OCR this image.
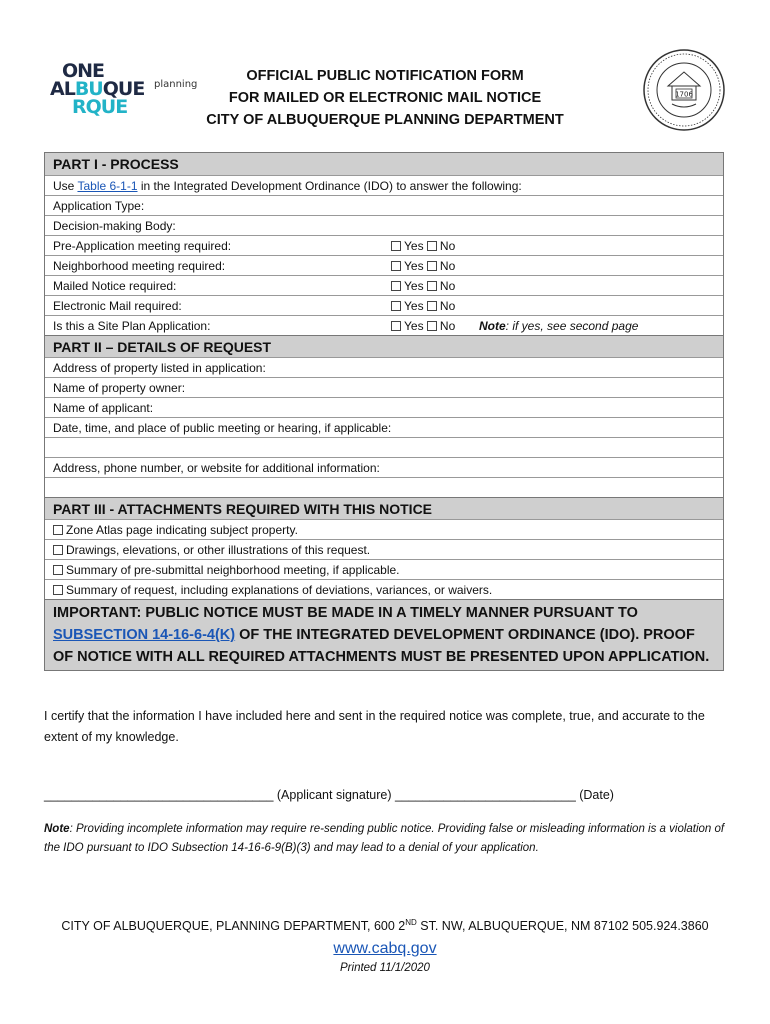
ONE
ALBUQUE
RQUE
planning
OFFICIAL PUBLIC NOTIFICATION FORM
FOR MAILED OR ELECTRONIC MAIL NOTICE
CITY OF ALBUQUERQUE PLANNING DEPARTMENT
1706
PART I - PROCESS
Use Table 6-1-1 in the Integrated Development Ordinance (IDO) to answer the following:
Application Type:
Decision-making Body:
Pre-Application meeting required:	Yes No
Neighborhood meeting required:	Yes No
Mailed Notice required:	Yes No
Electronic Mail required:	Yes No
Is this a Site Plan Application:	Yes No Note: if yes, see second page
PART II – DETAILS OF REQUEST
Address of property listed in application:
Name of property owner:
Name of applicant:
Date, time, and place of public meeting or hearing, if applicable:
Address, phone number, or website for additional information:
PART III - ATTACHMENTS REQUIRED WITH THIS NOTICE
Zone Atlas page indicating subject property.
Drawings, elevations, or other illustrations of this request.
Summary of pre-submittal neighborhood meeting, if applicable.
Summary of request, including explanations of deviations, variances, or waivers.
IMPORTANT: PUBLIC NOTICE MUST BE MADE IN A TIMELY MANNER PURSUANT TO SUBSECTION 14-16-6-4(K) OF THE INTEGRATED DEVELOPMENT ORDINANCE (IDO). PROOF OF NOTICE WITH ALL REQUIRED ATTACHMENTS MUST BE PRESENTED UPON APPLICATION.
I certify that the information I have included here and sent in the required notice was complete, true, and accurate to the extent of my knowledge.
_________________________________ (Applicant signature) __________________________ (Date)
Note: Providing incomplete information may require re-sending public notice. Providing false or misleading information is a violation of the IDO pursuant to IDO Subsection 14-16-6-9(B)(3) and may lead to a denial of your application.
CITY OF ALBUQUERQUE, PLANNING DEPARTMENT, 600 2ND ST. NW, ALBUQUERQUE, NM 87102 505.924.3860
www.cabq.gov
Printed 11/1/2020
